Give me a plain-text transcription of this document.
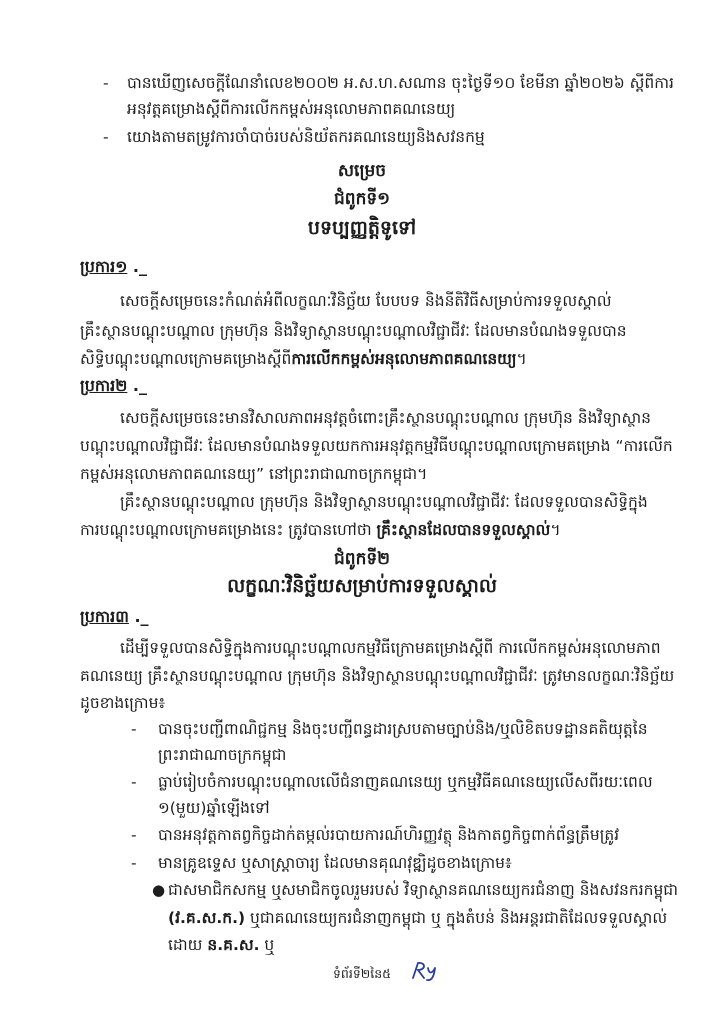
- បានឃើញសេចក្ដីណែនាំលេខ២០០២ អ.ស.ហ.សណាន ចុះថ្ងៃទី១០ ខែមីនា ឆ្នាំ២០២៦ ស្ដីពីការ
អនុវត្តគម្រោងស្ដីពីការលើកកម្ពស់អនុលោមភាពគណនេយ្យ
- យោងតាមតម្រូវការចាំបាច់របស់និយ័តករគណនេយ្យនិងសវនកម្ម
សម្រេច
ជំពូកទី១
បទប្បញ្ញត្តិទូទៅ
ប្រការ១ ._
សេចក្ដីសម្រេចនេះកំណត់អំពីលក្ខណៈវិនិច្ឆ័យ បែបបទ និងនីតិវិធីសម្រាប់ការទទួលស្គាល់
គ្រឹះស្ថានបណ្ដុះបណ្ដាល ក្រុមហ៊ុន និងវិទ្យាស្ថានបណ្ដុះបណ្ដាលវិជ្ជាជីវៈ ដែលមានបំណងទទួលបាន
សិទ្ធិបណ្ដុះបណ្ដាលក្រោមគម្រោងស្ដីពីការលើកកម្ពស់អនុលោមភាពគណនេយ្យ។
ប្រការ២ ._
សេចក្ដីសម្រេចនេះមានវិសាលភាពអនុវត្តចំពោះគ្រឹះស្ថានបណ្ដុះបណ្ដាល ក្រុមហ៊ុន និងវិទ្យាស្ថាន
បណ្ដុះបណ្ដាលវិជ្ជាជីវៈ ដែលមានបំណងទទួលយកការអនុវត្តកម្មវិធីបណ្ដុះបណ្ដាលក្រោមគម្រោង “ការលើក
កម្ពស់អនុលោមភាពគណនេយ្យ” នៅព្រះរាជាណាចក្រកម្ពុជា។
គ្រឹះស្ថានបណ្ដុះបណ្ដាល ក្រុមហ៊ុន និងវិទ្យាស្ថានបណ្ដុះបណ្ដាលវិជ្ជាជីវៈ ដែលទទួលបានសិទ្ធិក្នុង
ការបណ្ដុះបណ្ដាលក្រោមគម្រោងនេះ ត្រូវបានហៅថា គ្រឹះស្ថានដែលបានទទួលស្គាល់។
ជំពូកទី២
លក្ខណៈវិនិច្ឆ័យសម្រាប់ការទទួលស្គាល់
ប្រការ៣ ._
ដើម្បីទទួលបានសិទ្ធិក្នុងការបណ្ដុះបណ្ដាលកម្មវិធីក្រោមគម្រោងស្ដីពី ការលើកកម្ពស់អនុលោមភាព
គណនេយ្យ គ្រឹះស្ថានបណ្ដុះបណ្ដាល ក្រុមហ៊ុន និងវិទ្យាស្ថានបណ្ដុះបណ្ដាលវិជ្ជាជីវៈ ត្រូវមានលក្ខណៈវិនិច្ឆ័យ
ដូចខាងក្រោម៖
- បានចុះបញ្ជីពាណិជ្ជកម្ម និងចុះបញ្ជីពន្ធដារស្របតាមច្បាប់និង/ឬលិខិតបទដ្ឋានគតិយុត្តនៃ
ព្រះរាជាណាចក្រកម្ពុជា
- ធ្លាប់រៀបចំការបណ្ដុះបណ្ដាលលើជំនាញគណនេយ្យ ឬកម្មវិធីគណនេយ្យលើសពីរយៈពេល
១(មួយ)ឆ្នាំឡើងទៅ
- បានអនុវត្តកាតព្វកិច្ចដាក់តម្កល់របាយការណ៍ហិរញ្ញវត្ថុ និងកាតព្វកិច្ចពាក់ព័ន្ធត្រឹមត្រូវ
- មានគ្រូឧទ្ទេស ឬសាស្ត្រាចារ្យ ដែលមានគុណវុឌ្ឍិដូចខាងក្រោម៖
● ជាសមាជិកសកម្ម ឬសមាជិកចូលរួមរបស់ វិទ្យាស្ថានគណនេយ្យករជំនាញ និងសវនករកម្ពុជា
(វ.គ.ស.ក.) ឬជាគណនេយ្យករជំនាញកម្ពុជា ឬ ក្នុងតំបន់ និងអន្តរជាតិដែលទទួលស្គាល់
ដោយ ន.គ.ស. ឬ
ទំព័រទី២នៃ៥
